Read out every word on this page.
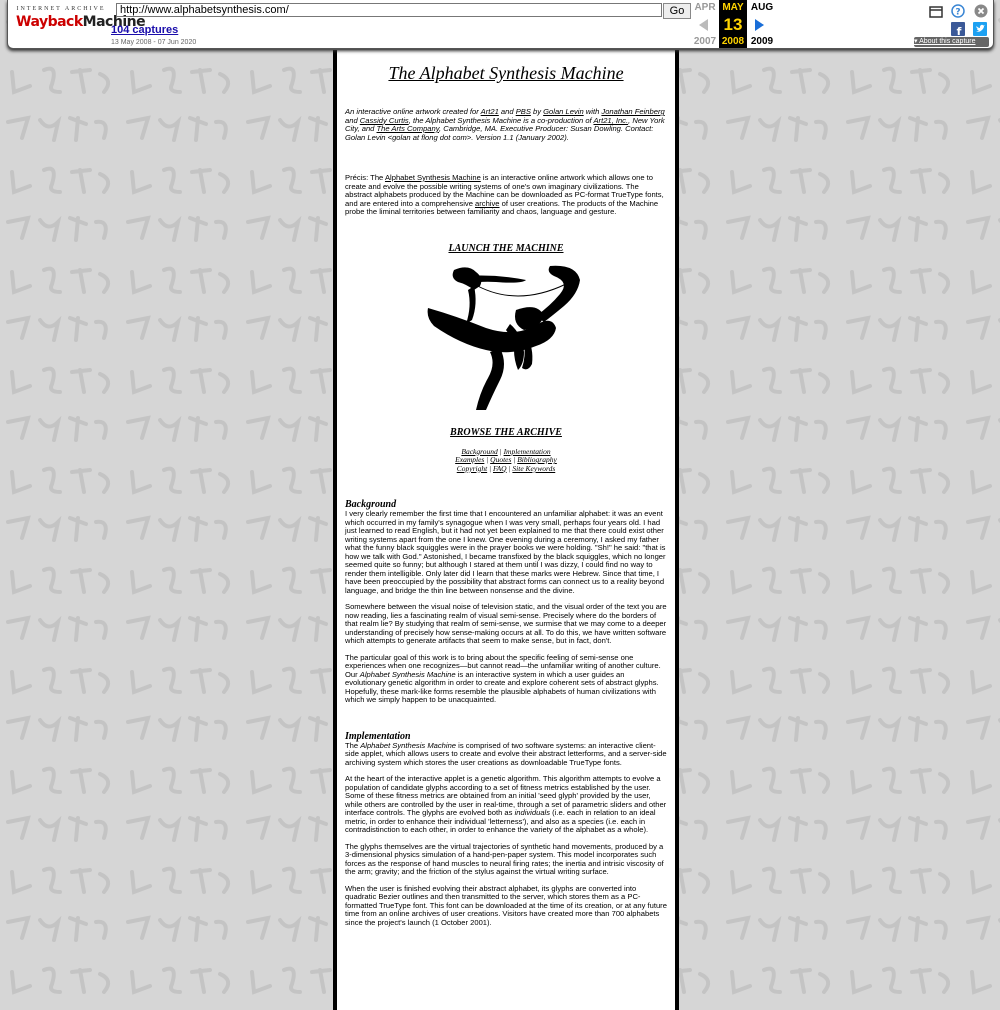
INTERNET ARCHIVE
WaybackMachine
http://www.alphabetsynthesis.com/	Go
104 captures
13 May 2008 - 07 Jun 2020
APR
2007
MAY
13
2008
AUG
2009
?
f
▾ About this capture
The Alphabet Synthesis Machine
An interactive online artwork created for Art21 and PBS by Golan Levin with Jonathan Feinberg and Cassidy Curtis, the Alphabet Synthesis Machine is a co-production of Art21, Inc., New York City, and The Arts Company, Cambridge, MA. Executive Producer: Susan Dowling. Contact: Golan Levin <golan at flong dot com>. Version 1.1 (January 2002).
Précis: The Alphabet Synthesis Machine is an interactive online artwork which allows one to create and evolve the possible writing systems of one's own imaginary civilizations. The abstract alphabets produced by the Machine can be downloaded as PC-format TrueType fonts, and are entered into a comprehensive archive of user creations. The products of the Machine probe the liminal territories between familiarity and chaos, language and gesture.
LAUNCH THE MACHINE
BROWSE THE ARCHIVE
Background | Implementation
Examples | Quotes | Bibliography
Copyright | FAQ | Site Keywords
Background
I very clearly remember the first time that I encountered an unfamiliar alphabet: it was an event which occurred in my family's synagogue when I was very small, perhaps four years old. I had just learned to read English, but it had not yet been explained to me that there could exist other writing systems apart from the one I knew. One evening during a ceremony, I asked my father what the funny black squiggles were in the prayer books we were holding. "Sh!" he said: "that is how we talk with God." Astonished, I became transfixed by the black squiggles, which no longer seemed quite so funny; but although I stared at them until I was dizzy, I could find no way to render them intelligible. Only later did I learn that these marks were Hebrew. Since that time, I have been preoccupied by the possibility that abstract forms can connect us to a reality beyond language, and bridge the thin line between nonsense and the divine.
Somewhere between the visual noise of television static, and the visual order of the text you are now reading, lies a fascinating realm of visual semi-sense. Precisely where do the borders of that realm lie? By studying that realm of semi-sense, we surmise that we may come to a deeper understanding of precisely how sense-making occurs at all. To do this, we have written software which attempts to generate artifacts that seem to make sense, but in fact, don't.
The particular goal of this work is to bring about the specific feeling of semi-sense one experiences when one recognizes—but cannot read—the unfamiliar writing of another culture. Our Alphabet Synthesis Machine is an interactive system in which a user guides an evolutionary genetic algorithm in order to create and explore coherent sets of abstract glyphs. Hopefully, these mark-like forms resemble the plausible alphabets of human civilizations with which we simply happen to be unacquainted.
Implementation
The Alphabet Synthesis Machine is comprised of two software systems: an interactive client-side applet, which allows users to create and evolve their abstract letterforms, and a server-side archiving system which stores the user creations as downloadable TrueType fonts.
At the heart of the interactive applet is a genetic algorithm. This algorithm attempts to evolve a population of candidate glyphs according to a set of fitness metrics established by the user. Some of these fitness metrics are obtained from an initial 'seed glyph' provided by the user, while others are controlled by the user in real-time, through a set of parametric sliders and other interface controls. The glyphs are evolved both as individuals (i.e. each in relation to an ideal metric, in order to enhance their individual 'letterness'), and also as a species (i.e. each in contradistinction to each other, in order to enhance the variety of the alphabet as a whole).
The glyphs themselves are the virtual trajectories of synthetic hand movements, produced by a 3-dimensional physics simulation of a hand-pen-paper system. This model incorporates such forces as the response of hand muscles to neural firing rates; the inertia and intrisic viscosity of the arm; gravity; and the friction of the stylus against the virtual writing surface.
When the user is finished evolving their abstract alphabet, its glyphs are converted into quadratic Bezier outlines and then transmitted to the server, which stores them as a PC-formatted TrueType font. This font can be downloaded at the time of its creation, or at any future time from an online archives of user creations. Visitors have created more than 700 alphabets since the project's launch (1 October 2001).
